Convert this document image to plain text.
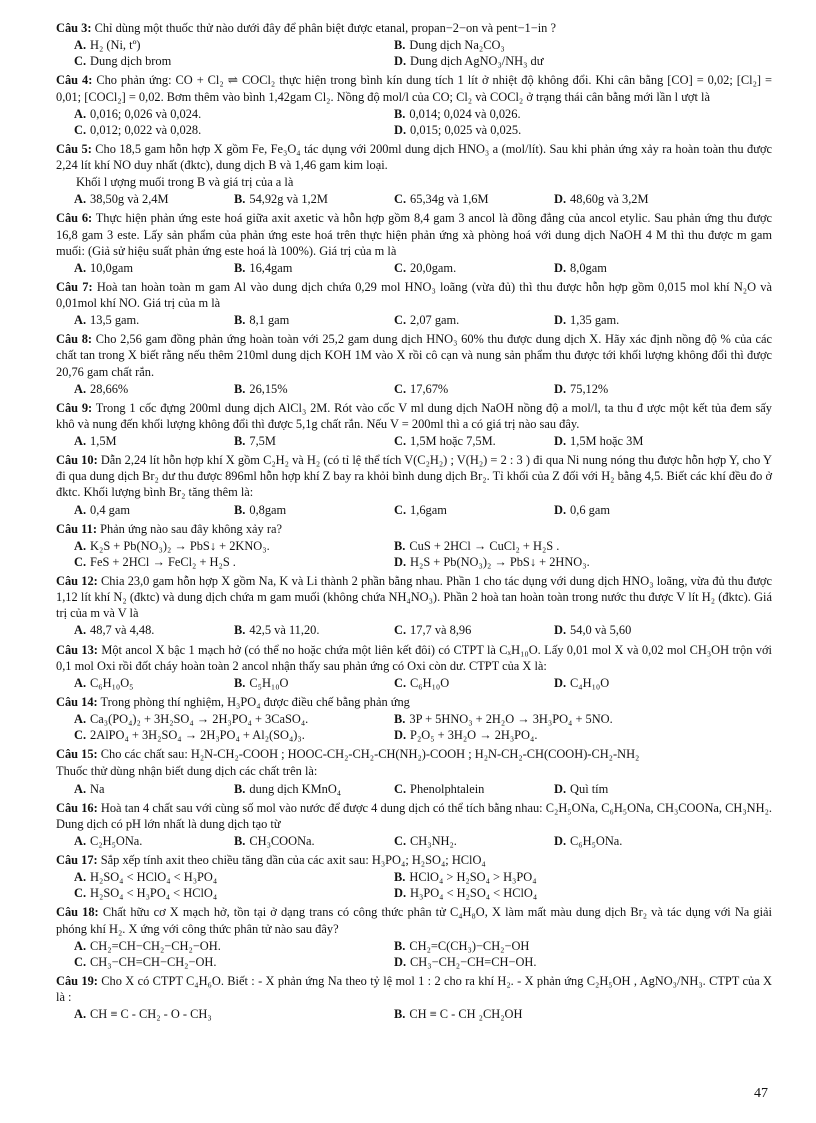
Câu 3: Chỉ dùng một thuốc thử nào dưới đây để phân biệt được etanal, propan−2−on và pent−1−in ?
A. H₂ (Ni, tº)	B. Dung dịch Na₂CO₃
C. Dung dịch brom	D. Dung dịch AgNO₃/NH₃ dư
Câu 4: Cho phản ứng: CO + Cl₂ ⇌ COCl₂ thực hiện trong bình kín dung tích 1 lít ở nhiệt độ không đổi. Khi cân bằng [CO] = 0,02; [Cl₂] = 0,01; [COCl₂] = 0,02. Bơm thêm vào bình 1,42gam Cl₂. Nồng độ mol/l của CO; Cl₂ và COCl₂ ở trạng thái cân bằng mới lần l ượt là
A. 0,016; 0,026 và 0,024.	B. 0,014; 0,024 và 0,026.
C. 0,012; 0,022 và 0,028.	D. 0,015; 0,025 và 0,025.
Câu 5: Cho 18,5 gam hỗn hợp X gồm Fe, Fe₃O₄ tác dụng với 200ml dung dịch HNO₃ a (mol/lít). Sau khi phản ứng xảy ra hoàn toàn thu được 2,24 lít khí NO duy nhất (đktc), dung dịch B và 1,46 gam kim loại.
Khối l ượng muối trong B và giá trị của a là
A. 38,50g và 2,4M	B. 54,92g và 1,2M	C. 65,34g và 1,6M	D. 48,60g và 3,2M
Câu 6: Thực hiện phản ứng este hoá giữa axit axetic và hỗn hợp gồm 8,4 gam 3 ancol là đồng đẳng của ancol etylic. Sau phản ứng thu được 16,8 gam 3 este. Lấy sản phẩm của phản ứng este hoá trên thực hiện phản ứng xà phòng hoá với dung dịch NaOH 4 M thì thu được m gam muối: (Giả sử hiệu suất phản ứng este hoá là 100%). Giá trị của m là
A. 10,0gam	B. 16,4gam	C. 20,0gam.	D. 8,0gam
Câu 7: Hoà tan hoàn toàn m gam Al vào dung dịch chứa 0,29 mol HNO₃ loãng (vừa đủ) thì thu được hỗn hợp gồm 0,015 mol khí N₂O và 0,01mol khí NO. Giá trị của m là
A. 13,5 gam.	B. 8,1 gam	C. 2,07 gam.	D. 1,35 gam.
Câu 8: Cho 2,56 gam đồng phản ứng hoàn toàn với 25,2 gam dung dịch HNO₃ 60% thu được dung dịch X. Hãy xác định nồng độ % của các chất tan trong X biết rằng nếu thêm 210ml dung dịch KOH 1M vào X rồi cô cạn và nung sản phẩm thu được tới khối lượng không đổi thì được 20,76 gam chất rắn.
A. 28,66%	B. 26,15%	C. 17,67%	D. 75,12%
Câu 9: Trong 1 cốc đựng 200ml dung dịch AlCl₃ 2M. Rót vào cốc V ml dung dịch NaOH nồng độ a mol/l, ta thu đ ược một kết tủa đem sấy khô và nung đến khối lượng không đổi thì được 5,1g chất rắn. Nếu V = 200ml thì a có giá trị nào sau đây.
A. 1,5M	B. 7,5M	C. 1,5M hoặc 7,5M.	D. 1,5M hoặc 3M
Câu 10: Dẫn 2,24 lít hỗn hợp khí X gồm C₂H₂ và H₂ (có tỉ lệ thể tích V(C₂H₂) ; V(H₂) = 2 : 3 ) đi qua Ni nung nóng thu được hỗn hợp Y, cho Y đi qua dung dịch Br₂ dư thu được 896ml hỗn hợp khí Z bay ra khỏi bình dung dịch Br₂. Tỉ khối của Z đối với H₂ bằng 4,5. Biết các khí đều đo ở đktc. Khối lượng bình Br₂ tăng thêm là:
A. 0,4 gam	B. 0,8gam	C. 1,6gam	D. 0,6 gam
Câu 11: Phản ứng nào sau đây không xảy ra?
A. K₂S + Pb(NO₃)₂ → PbS↓ + 2KNO₃.	B. CuS + 2HCl → CuCl₂ + H₂S .
C. FeS + 2HCl → FeCl₂ + H₂S .	D. H₂S + Pb(NO₃)₂ → PbS↓ + 2HNO₃.
Câu 12: Chia 23,0 gam hỗn hợp X gồm Na, K và Li thành 2 phần bằng nhau. Phần 1 cho tác dụng với dung dịch HNO₃ loãng, vừa đủ thu được 1,12 lít khí N₂ (đktc) và dung dịch chứa m gam muối (không chứa NH₄NO₃). Phần 2 hoà tan hoàn toàn trong nước thu được V lít H₂ (đktc). Giá trị của m và V là
A. 48,7 và 4,48.	B. 42,5 và 11,20.	C. 17,7 và 8,96	D. 54,0 và 5,60
Câu 13: Một ancol X bậc 1 mạch hở (có thể no hoặc chứa một liên kết đôi) có CTPT là CₓH₁₀O. Lấy 0,01 mol X và 0,02 mol CH₃OH trộn với 0,1 mol Oxi rồi đốt cháy hoàn toàn 2 ancol nhận thấy sau phản ứng có Oxi còn dư. CTPT của X là:
A. C₆H₁₀O₅	B. C₅H₁₀O	C. C₆H₁₀O	D. C₄H₁₀O
Câu 14: Trong phòng thí nghiệm, H₃PO₄ được điều chế bằng phản ứng
A. Ca₃(PO₄)₂ + 3H₂SO₄ → 2H₃PO₄ + 3CaSO₄.	B. 3P + 5HNO₃ + 2H₂O → 3H₃PO₄ + 5NO.
C. 2AlPO₄ + 3H₂SO₄ → 2H₃PO₄ + Al₂(SO₄)₃.	D. P₂O₅ + 3H₂O → 2H₃PO₄.
Câu 15: Cho các chất sau: H₂N-CH₂-COOH ; HOOC-CH₂-CH₂-CH(NH₂)-COOH ; H₂N-CH₂-CH(COOH)-CH₂-NH₂
Thuốc thử dùng nhận biết dung dịch các chất trên là:
A. Na	B. dung dịch KMnO₄	C. Phenolphtalein	D. Quì tím
Câu 16: Hoà tan 4 chất sau với cùng số mol vào nước để được 4 dung dịch có thể tích bằng nhau: C₂H₅ONa, C₆H₅ONa, CH₃COONa, CH₃NH₂. Dung dịch có pH lớn nhất là dung dịch tạo từ
A. C₂H₅ONa.	B. CH₃COONa.	C. CH₃NH₂.	D. C₆H₅ONa.
Câu 17: Sắp xếp tính axit theo chiều tăng dần của các axit sau: H₃PO₄; H₂SO₄; HClO₄
A. H₂SO₄ < HClO₄ < H₃PO₄	B. HClO₄ > H₂SO₄ > H₃PO₄
C. H₂SO₄ < H₃PO₄ < HClO₄	D. H₃PO₄ < H₂SO₄ < HClO₄
Câu 18: Chất hữu cơ X mạch hở, tồn tại ở dạng trans có công thức phân tử C₄H₈O, X làm mất màu dung dịch Br₂ và tác dụng với Na giải phóng khí H₂. X ứng với công thức phân tử nào sau đây?
A. CH₂=CH−CH₂−CH₂−OH.	B. CH₂=C(CH₃)−CH₂−OH
C. CH₃−CH=CH−CH₂−OH.	D. CH₃−CH₂−CH=CH−OH.
Câu 19: Cho X có CTPT C₄H₆O. Biết : - X phản ứng Na theo tỷ lệ mol 1 : 2 cho ra khí H₂. - X phản ứng C₂H₅OH , AgNO₃/NH₃. CTPT của X là :
A. CH ≡ C - CH₂ - O - CH₃	B. CH ≡ C - CH ₂CH₂OH
47
